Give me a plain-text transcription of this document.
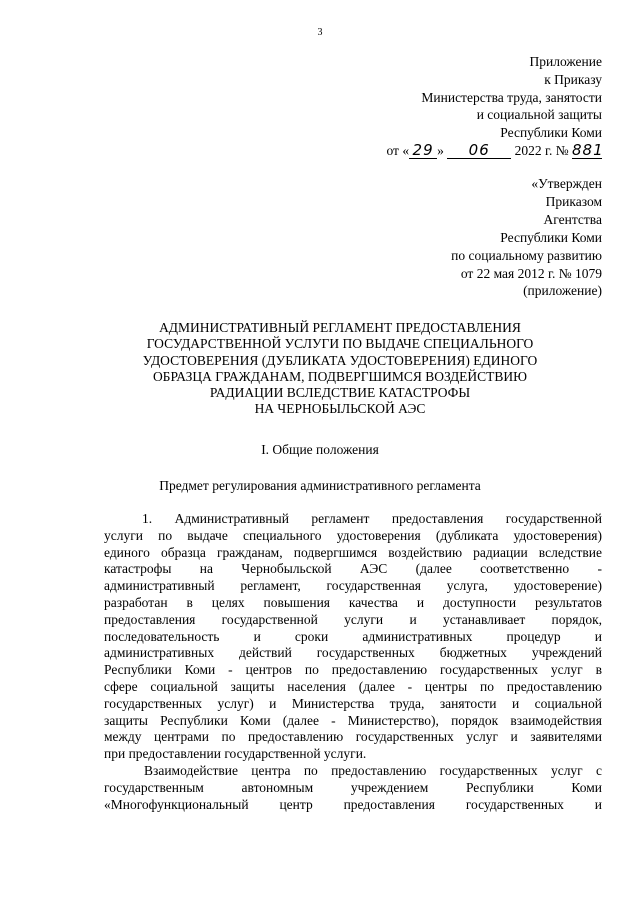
3
Приложение
к Приказу
Министерства труда, занятости
и социальной защиты
Республики Коми
от « 29 » 06 2022 г. № 881
«Утвержден
Приказом
Агентства
Республики Коми
по социальному развитию
от 22 мая 2012 г. № 1079
(приложение)
АДМИНИСТРАТИВНЫЙ РЕГЛАМЕНТ ПРЕДОСТАВЛЕНИЯ
ГОСУДАРСТВЕННОЙ УСЛУГИ ПО ВЫДАЧЕ СПЕЦИАЛЬНОГО
УДОСТОВЕРЕНИЯ (ДУБЛИКАТА УДОСТОВЕРЕНИЯ) ЕДИНОГО
ОБРАЗЦА ГРАЖДАНАМ, ПОДВЕРГШИМСЯ ВОЗДЕЙСТВИЮ
РАДИАЦИИ ВСЛЕДСТВИЕ КАТАСТРОФЫ
НА ЧЕРНОБЫЛЬСКОЙ АЭС
I. Общие положения
Предмет регулирования административного регламента
1. Административный регламент предоставления государственной
услуги по выдаче специального удостоверения (дубликата удостоверения)
единого образца гражданам, подвергшимся воздействию радиации вследствие
катастрофы на Чернобыльской АЭС (далее соответственно -
административный регламент, государственная услуга, удостоверение)
разработан в целях повышения качества и доступности результатов
предоставления государственной услуги и устанавливает порядок,
последовательность и сроки административных процедур и
административных действий государственных бюджетных учреждений
Республики Коми - центров по предоставлению государственных услуг в
сфере социальной защиты населения (далее - центры по предоставлению
государственных услуг) и Министерства труда, занятости и социальной
защиты Республики Коми (далее - Министерство), порядок взаимодействия
между центрами по предоставлению государственных услуг и заявителями
при предоставлении государственной услуги.
Взаимодействие центра по предоставлению государственных услуг с
государственным автономным учреждением Республики Коми
«Многофункциональный центр предоставления государственных и
